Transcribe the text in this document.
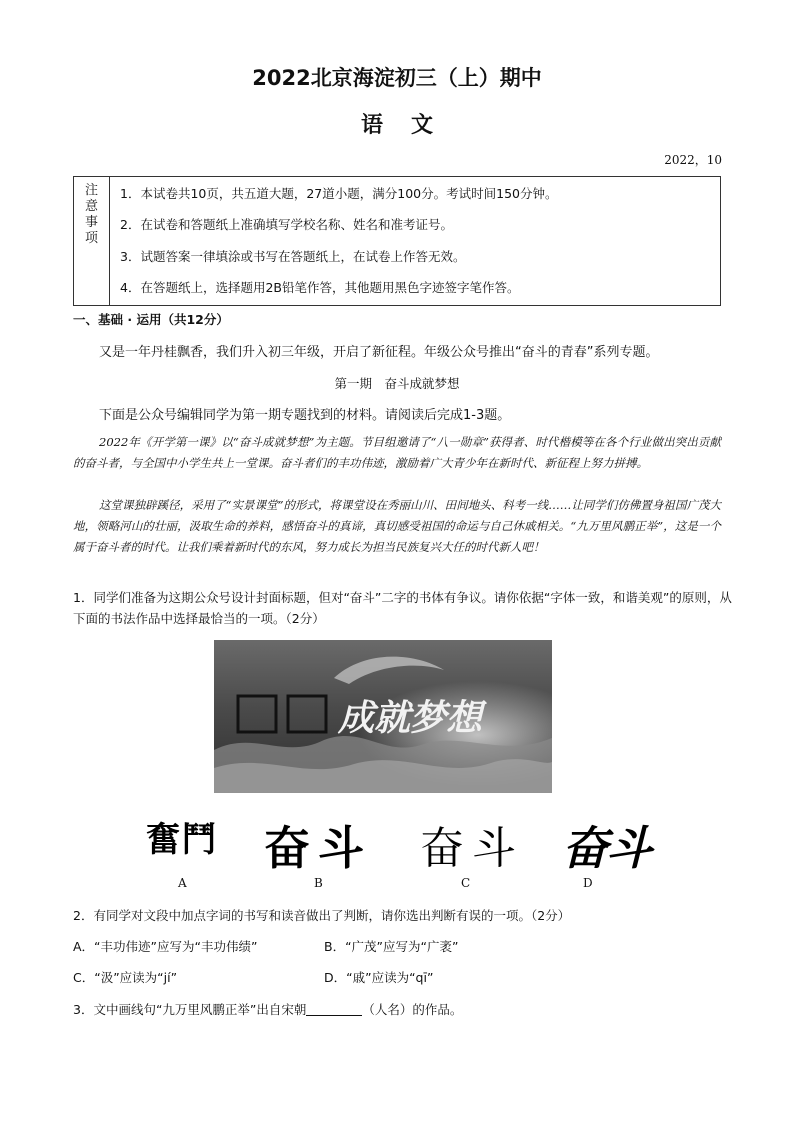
2022北京海淀初三（上）期中
语文
2022，10
注
意
事
项
1．本试卷共10页，共五道大题，27道小题，满分100分。考试时间150分钟。
2．在试卷和答题纸上准确填写学校名称、姓名和准考证号。
3．试题答案一律填涂或书写在答题纸上，在试卷上作答无效。
4．在答题纸上，选择题用2B铅笔作答，其他题用黑色字迹签字笔作答。
一、基础 · 运用（共12分）
又是一年丹桂飘香，我们升入初三年级，开启了新征程。年级公众号推出“奋斗的青春”系列专题。
第一期　奋斗成就梦想
下面是公众号编辑同学为第一期专题找到的材料。请阅读后完成1-3题。
2022年《开学第一课》以“奋斗成就梦想”为主题。节目组邀请了“八一勋章”获得者、时代楷模等在各个行业做出突出贡献的奋斗者，与全国中小学生共上一堂课。奋斗者们的丰功伟迹，激励着广大青少年在新时代、新征程上努力拼搏。
这堂课独辟蹊径，采用了“实景课堂”的形式，将课堂设在秀丽山川、田间地头、科考一线……让同学们仿佛置身祖国广茂大地，领略河山的壮丽，汲取生命的养料，感悟奋斗的真谛，真切感受祖国的命运与自己休戚相关。“九万里风鹏正举”，这是一个属于奋斗者的时代。让我们乘着新时代的东风，努力成长为担当民族复兴大任的时代新人吧！
1．同学们准备为这期公众号设计封面标题，但对“奋斗”二字的书体有争议。请你依据“字体一致，和谐美观”的原则，从下面的书法作品中选择最恰当的一项。（2分）
成就梦想
奮鬥 奋斗 奋斗 奋斗
A	B	C	D
2．有同学对文段中加点字词的书写和读音做出了判断，请你选出判断有误的一项。（2分）
A．“丰功伟迹”应写为“丰功伟绩”	B．“广茂”应写为“广袤”
C．“汲”应读为“jí”	D．“戚”应读为“qī”
3．文中画线句“九万里风鹏正举”出自宋朝	（人名）的作品。
